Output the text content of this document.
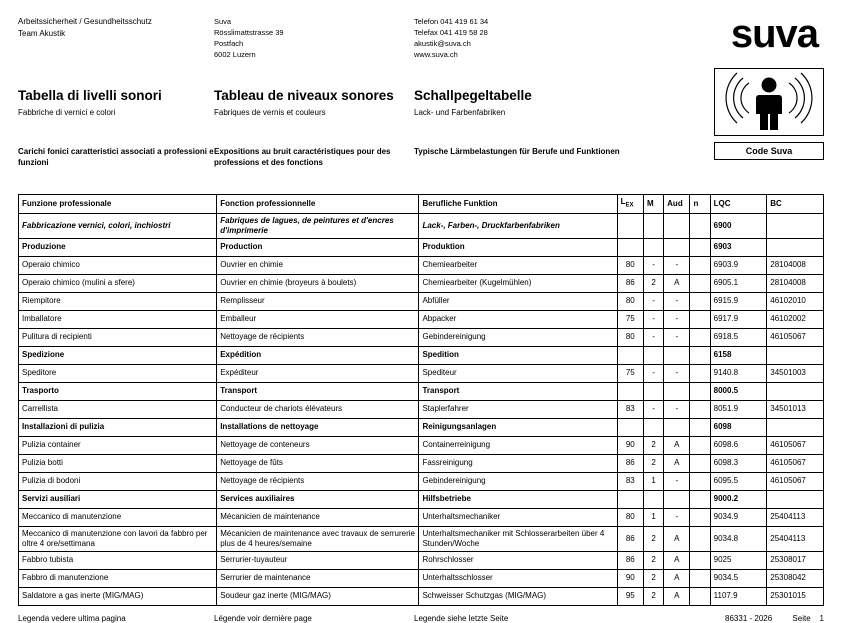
Arbeitssicherheit / Gesundheitsschutz
Team Akustik
Suva
Rösslimattstrasse 39
Postfach
6002 Luzern
Telefon 041 419 61 34
Telefax 041 419 58 28
akustik@suva.ch
www.suva.ch	suva
Tabella di livelli sonori
Fabbriche di vernici e colori
Tableau de niveaux sonores
Fabriques de vernis et couleurs
Schallpegeltabelle
Lack- und Farbenfabriken
Code Suva
Carichi fonici caratteristici associati a professioni e funzioni
Expositions au bruit caractéristiques pour des professions et des fonctions
Typische Lärmbelastungen für Berufe und Funktionen
Funzione professionale	Fonction professionnelle	Berufliche Funktion	$L_{EX}$	M	Aud	n	LQC	BC
Fabbricazione vernici, colori, inchiostri	Fabriques de lagues, de peintures et d'encres d'imprimerie	Lack-, Farben-, Druckfarbenfabriken					6900	
Produzione	Production	Produktion					6903	
Operaio chimico	Ouvrier en chimie	Chemiearbeiter	80	-	-		6903.9	28104008
Operaio chimico (mulini a sfere)	Ouvrier en chimie (broyeurs à boulets)	Chemiearbeiter (Kugelmühlen)	86	2	A		6905.1	28104008
Riempitore	Remplisseur	Abfüller	80	-	-		6915.9	46102010
Imballatore	Emballeur	Abpacker	75	-	-		6917.9	46102002
Pulitura di recipienti	Nettoyage de récipients	Gebindereinigung	80	-	-		6918.5	46105067
Spedizione	Expédition	Spedition					6158	
Speditore	Expéditeur	Spediteur	75	-	-		9140.8	34501003
Trasporto	Transport	Transport					8000.5	
Carrellista	Conducteur de chariots élévateurs	Staplerfahrer	83	-	-		8051.9	34501013
Installazioni di pulizia	Installations de nettoyage	Reinigungsanlagen					6098	
Pulizia container	Nettoyage de conteneurs	Containerreinigung	90	2	A		6098.6	46105067
Pulizia botti	Nettoyage de fûts	Fassreinigung	86	2	A		6098.3	46105067
Pulizia di bodoni	Nettoyage de récipients	Gebindereinigung	83	1	-		6095.5	46105067
Servizi ausiliari	Services auxiliaires	Hilfsbetriebe					9000.2	
Meccanico di manutenzione	Mécanicien de maintenance	Unterhaltsmechaniker	80	1	-		9034.9	25404113
Meccanico di manutenzione con lavori da fabbro per oltre 4 ore/settimana	Mécanicien de maintenance avec travaux de serrurerie plus de 4 heures/semaine	Unterhaltsmechaniker mit Schlosserarbeiten über 4 Stunden/Woche	86	2	A		9034.8	25404113
Fabbro tubista	Serrurier-tuyauteur	Rohrschlosser	86	2	A		9025	25308017
Fabbro di manutenzione	Serrurier de maintenance	Unterhaltsschlosser	90	2	A		9034.5	25308042
Saldatore a gas inerte (MIG/MAG)	Soudeur gaz inerte (MIG/MAG)	Schweisser Schutzgas (MIG/MAG)	95	2	A		1107.9	25301015
Legenda vedere ultima pagina	Légende voir dernière page	Legende siehe letzte Seite	86331 - 2026	Seite 1
